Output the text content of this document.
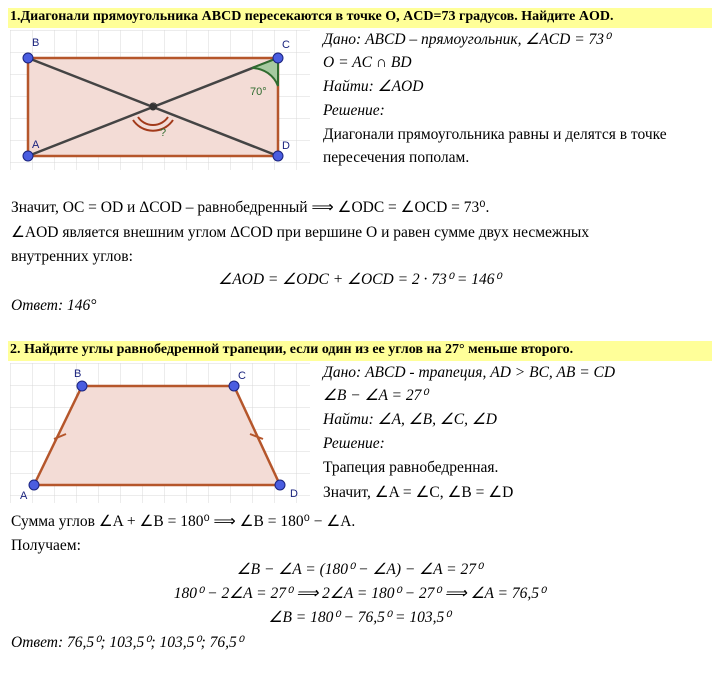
1.Диагонали прямоугольника ABCD пересекаются в точке О, ACD=73 градусов. Найдите AOD.
B	C
A	D
O
70°
?
Дано: ABCD – прямоугольник, ∠ACD = 73⁰
O = AC ∩ BD
Найти: ∠AOD
Решение:
Диагонали прямоугольника равны и делятся в точке
пересечения пополам.
Значит, OC = OD и ΔCOD – равнобедренный ⟹ ∠ODC = ∠OCD = 73⁰.
∠AOD является внешним углом ΔCOD при вершине O и равен сумме двух несмежных
внутренних углов:
∠AOD = ∠ODC + ∠OCD = 2 · 73⁰ = 146⁰
Ответ: 146°
2. Найдите углы равнобедренной трапеции, если один из ее углов на 27° меньше второго.
B	C
A	D
Дано: ABCD - трапеция, AD > BC, AB = CD
∠B − ∠A = 27⁰
Найти: ∠A, ∠B, ∠C, ∠D
Решение:
Трапеция равнобедренная.
Значит, ∠A = ∠C, ∠B = ∠D
Сумма углов ∠A + ∠B = 180⁰ ⟹ ∠B = 180⁰ − ∠A.
Получаем:
∠B − ∠A = (180⁰ − ∠A) − ∠A = 27⁰
180⁰ − 2∠A = 27⁰ ⟹ 2∠A = 180⁰ − 27⁰ ⟹ ∠A = 76,5⁰
∠B = 180⁰ − 76,5⁰ = 103,5⁰
Ответ: 76,5⁰; 103,5⁰; 103,5⁰; 76,5⁰
